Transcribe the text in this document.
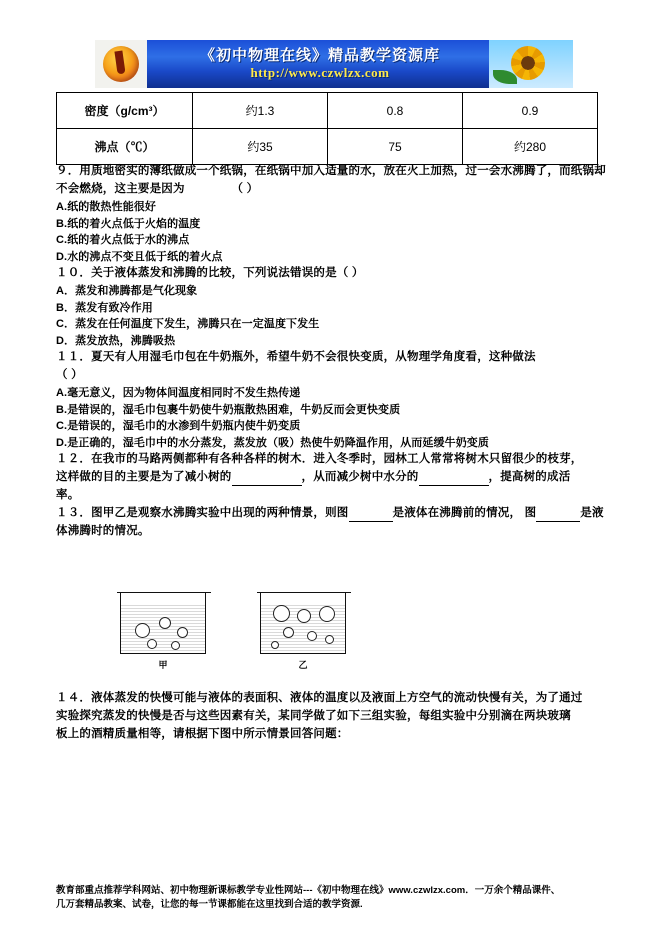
《初中物理在线》精品教学资源库
http://www.czwlzx.com
密度（g/cm³）	约1.3	0.8	0.9
沸点（℃）	约35	75	约280

９．用质地密实的薄纸做成一个纸锅，在纸锅中加入适量的水，放在火上加热，过一会水沸腾了，而纸锅却

不会燃烧，这主要是因为	（ ）

A.纸的散热性能很好

B.纸的着火点低于火焰的温度

C.纸的着火点低于水的沸点

D.水的沸点不变且低于纸的着火点

１０．关于液体蒸发和沸腾的比较，下列说法错误的是（ ）

A．蒸发和沸腾都是气化现象

B．蒸发有致冷作用

C．蒸发在任何温度下发生，沸腾只在一定温度下发生

D．蒸发放热，沸腾吸热

１１．夏天有人用湿毛巾包在牛奶瓶外，希望牛奶不会很快变质，从物理学角度看，这种做法

（ ）

A.毫无意义，因为物体间温度相同时不发生热传递

B.是错误的，湿毛巾包裹牛奶使牛奶瓶散热困难，牛奶反而会更快变质

C.是错误的，湿毛巾的水渗到牛奶瓶内使牛奶变质

D.是正确的，湿毛巾中的水分蒸发，蒸发放（吸）热使牛奶降温作用，从而延缓牛奶变质

１２．在我市的马路两侧都种有各种各样的树木．进入冬季时，园林工人常常将树木只留很少的枝芽，

这样做的目的主要是为了减小树的	，从而减少树中水分的	，提高树的成活

率。

１３．图甲乙是观察水沸腾实验中出现的两种情景，则图	是液体在沸腾前的情况， 图	是液

体沸腾时的情况。

甲	乙

１４．液体蒸发的快慢可能与液体的表面积、液体的温度以及液面上方空气的流动快慢有关，为了通过

实验探究蒸发的快慢是否与这些因素有关，某同学做了如下三组实验，每组实验中分别滴在两块玻璃

板上的酒精质量相等，请根据下图中所示情景回答问题：

教育部重点推荐学科网站、初中物理新课标教学专业性网站---《初中物理在线》www.czwlzx.com．一万余个精品课件、
几万套精品教案、试卷，让您的每一节课都能在这里找到合适的教学资源.
